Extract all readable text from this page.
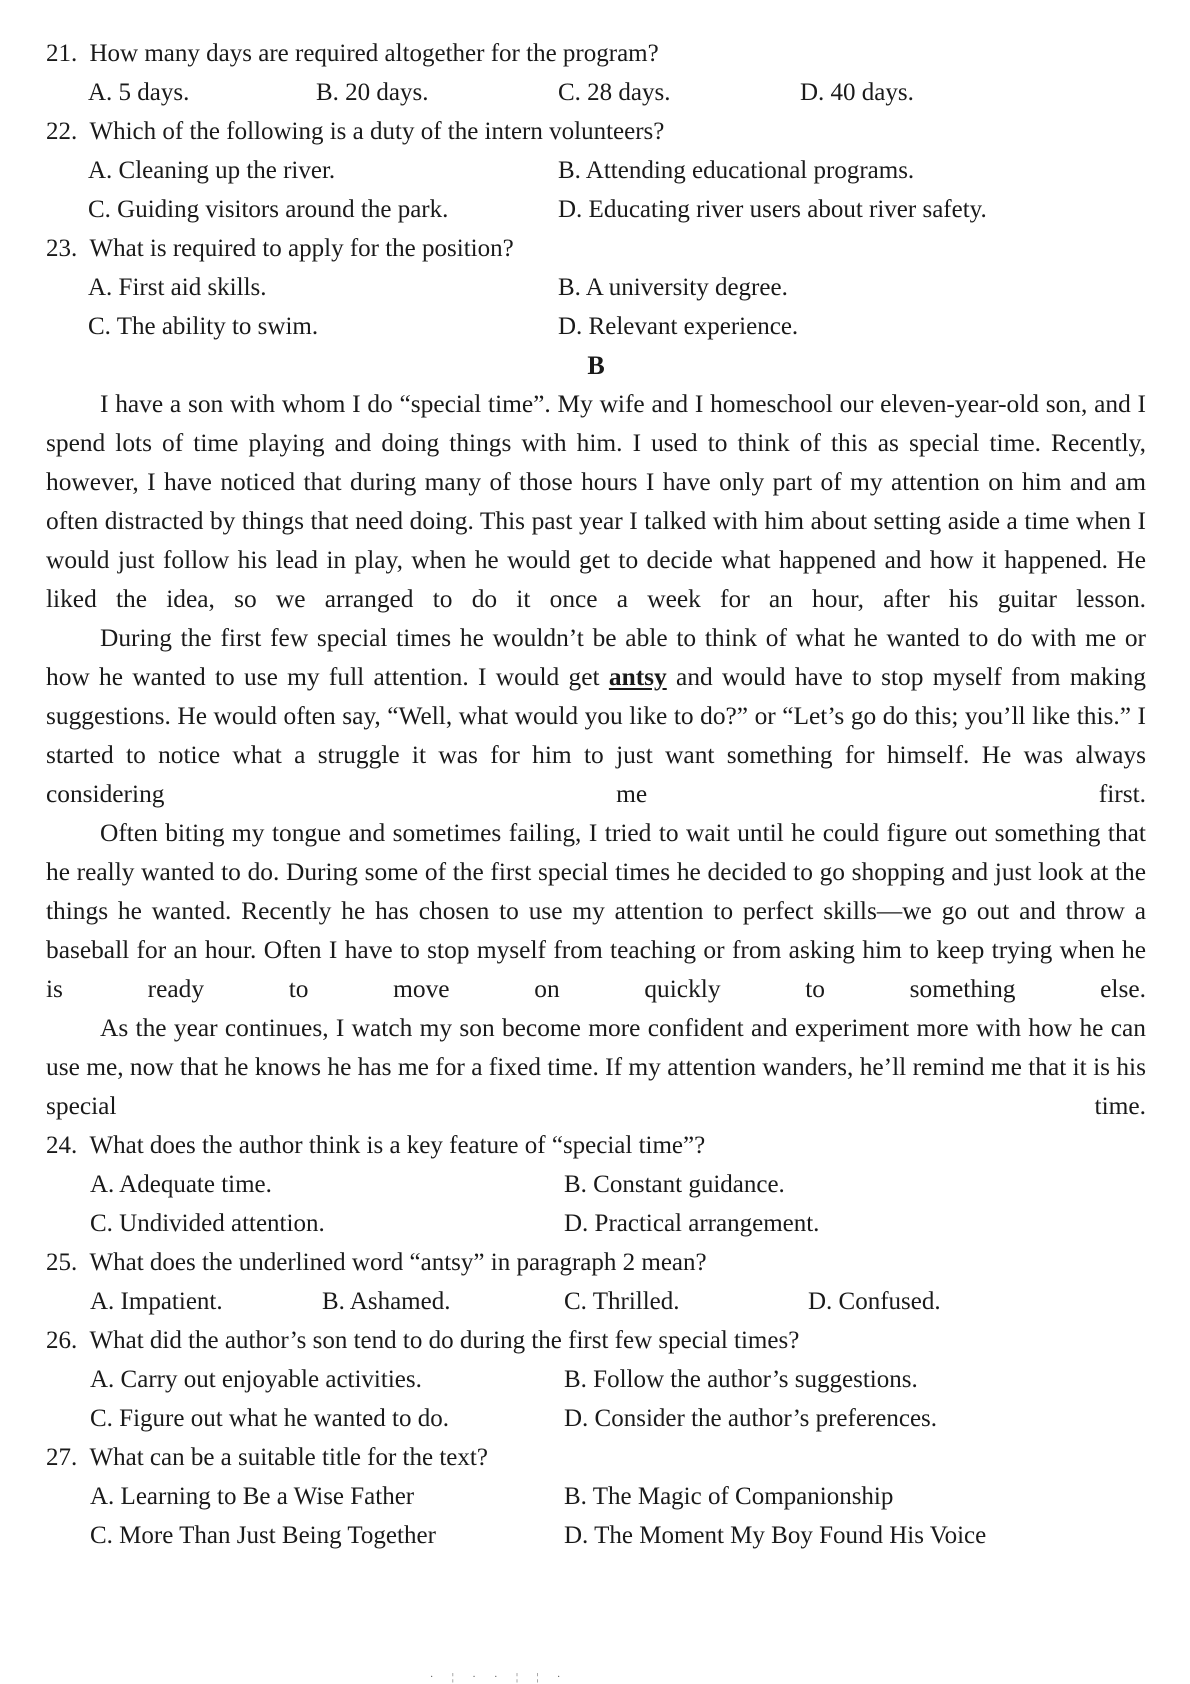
21. How many days are required altogether for the program?
A. 5 days.	B. 20 days.	C. 28 days.	D. 40 days.
22. Which of the following is a duty of the intern volunteers?
A. Cleaning up the river.	B. Attending educational programs.
C. Guiding visitors around the park.	D. Educating river users about river safety.
23. What is required to apply for the position?
A. First aid skills.	B. A university degree.
C. The ability to swim.	D. Relevant experience.
B

I have a son with whom I do “special time”. My wife and I homeschool our eleven-year-old son, and I spend lots of time playing and doing things with him. I used to think of this as special time. Recently, however, I have noticed that during many of those hours I have only part of my attention on him and am often distracted by things that need doing. This past year I talked with him about setting aside a time when I would just follow his lead in play, when he would get to decide what happened and how it happened. He liked the idea, so we arranged to do it once a week for an hour, after his guitar lesson.

During the first few special times he wouldn’t be able to think of what he wanted to do with me or how he wanted to use my full attention. I would get antsy and would have to stop myself from making suggestions. He would often say, “Well, what would you like to do?” or “Let’s go do this; you’ll like this.” I started to notice what a struggle it was for him to just want something for himself. He was always considering me first.

Often biting my tongue and sometimes failing, I tried to wait until he could figure out something that he really wanted to do. During some of the first special times he decided to go shopping and just look at the things he wanted. Recently he has chosen to use my attention to perfect skills—we go out and throw a baseball for an hour. Often I have to stop myself from teaching or from asking him to keep trying when he is ready to move on quickly to something else.

As the year continues, I watch my son become more confident and experiment more with how he can use me, now that he knows he has me for a fixed time. If my attention wanders, he’ll remind me that it is his special time.

24. What does the author think is a key feature of “special time”?
A. Adequate time.	B. Constant guidance.
C. Undivided attention.	D. Practical arrangement.
25. What does the underlined word “antsy” in paragraph 2 mean?
A. Impatient.	B. Ashamed.	C. Thrilled.	D. Confused.
26. What did the author’s son tend to do during the first few special times?
A. Carry out enjoyable activities.	B. Follow the author’s suggestions.
C. Figure out what he wanted to do.	D. Consider the author’s preferences.
27. What can be a suitable title for the text?
A. Learning to Be a Wise Father	B. The Magic of Companionship
C. More Than Just Being Together	D. The Moment My Boy Found His Voice
· ¦ · · ¦ ¦ ·
